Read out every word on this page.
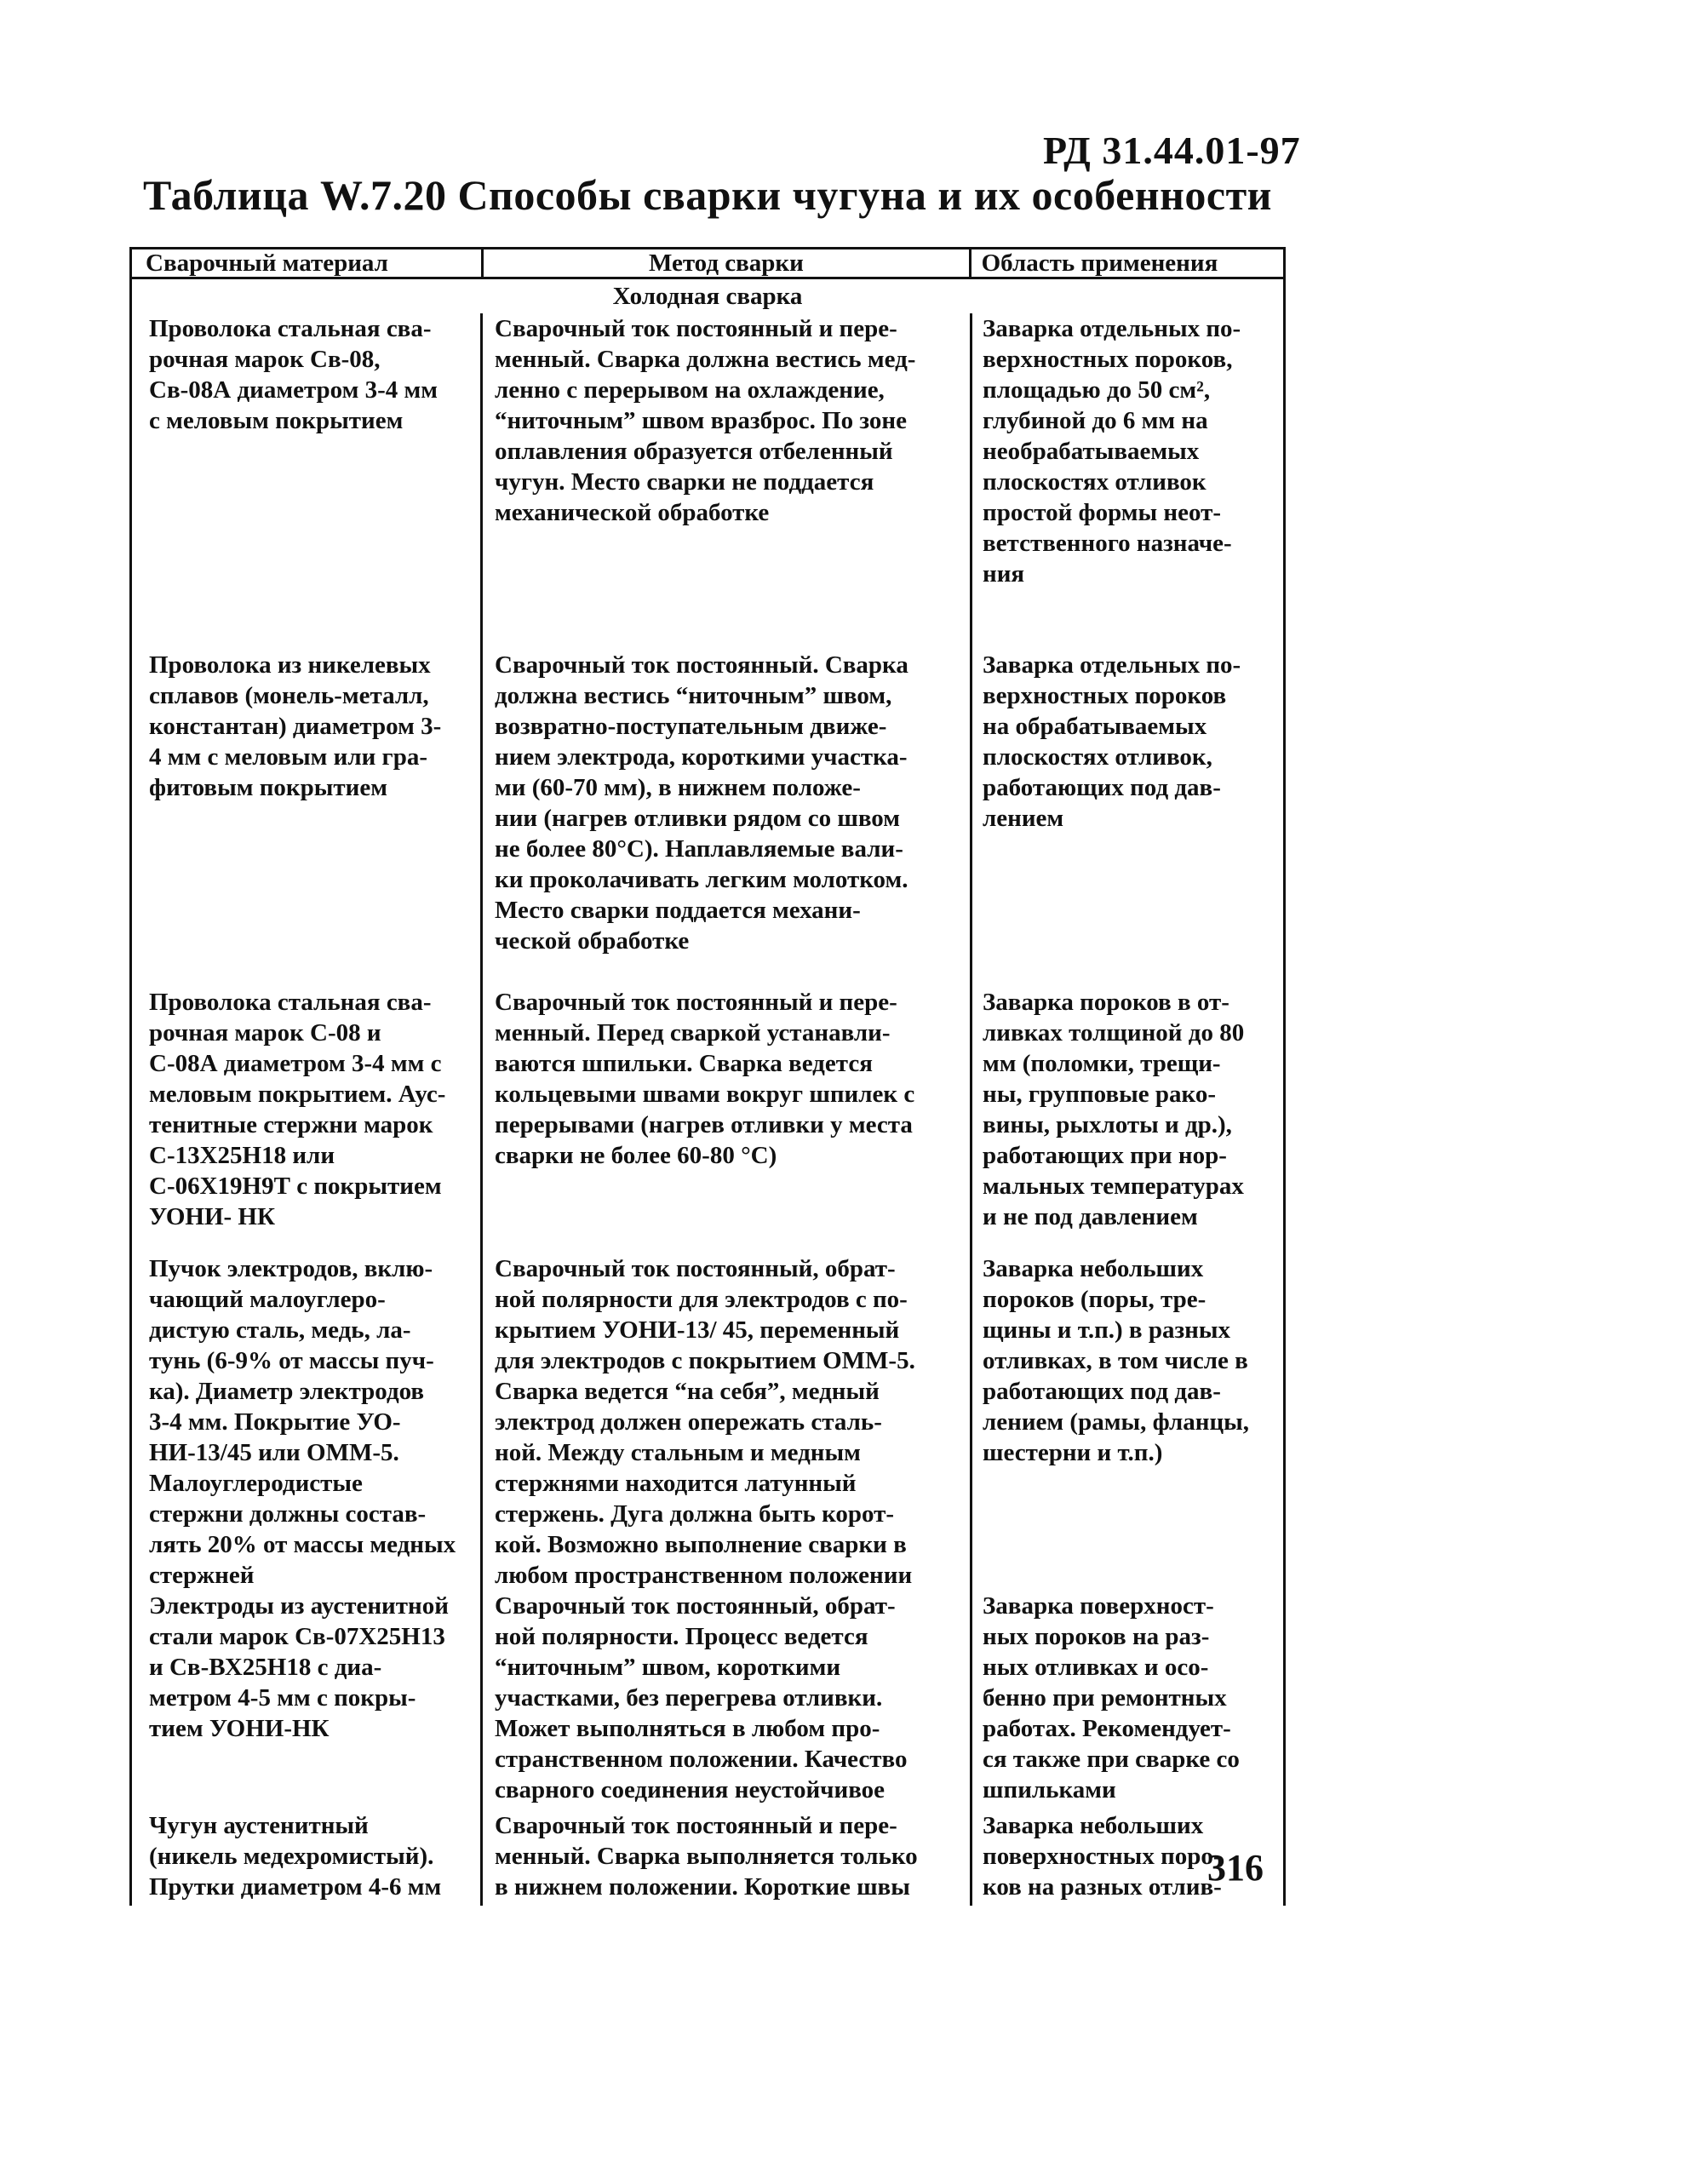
РД 31.44.01-97
Таблица W.7.20 Способы сварки чугуна и их особенности
Сварочный материал	Метод сварки	Область применения
Холодная сварка
Проволока стальная сва-
рочная марок Св-08,
Св-08А диаметром 3-4 мм
с меловым покрытием
Сварочный ток постоянный и пере-
менный. Сварка должна вестись мед-
ленно с перерывом на охлаждение,
“ниточным” швом вразброс. По зоне
оплавления образуется отбеленный
чугун. Место сварки не поддается
механической обработке
Заварка отдельных по-
верхностных пороков,
площадью до 50 см²,
глубиной до 6 мм на
необрабатываемых
плоскостях отливок
простой формы неот-
ветственного назначе-
ния
Проволока из никелевых
сплавов (монель-металл,
константан) диаметром 3-
4 мм с меловым или гра-
фитовым покрытием
Сварочный ток постоянный. Сварка
должна вестись “ниточным” швом,
возвратно-поступательным движе-
нием электрода, короткими участка-
ми (60-70 мм), в нижнем положе-
нии (нагрев отливки рядом со швом
не более 80°С). Наплавляемые вали-
ки проколачивать легким молотком.
Место сварки поддается механи-
ческой обработке
Заварка отдельных по-
верхностных пороков
на обрабатываемых
плоскостях отливок,
работающих под дав-
лением
Проволока стальная сва-
рочная марок С-08 и
С-08А диаметром 3-4 мм с
меловым покрытием. Аус-
тенитные стержни марок
С-13Х25Н18 или
С-06Х19Н9Т с покрытием
УОНИ- НК
Сварочный ток постоянный и пере-
менный. Перед сваркой устанавли-
ваются шпильки. Сварка ведется
кольцевыми швами вокруг шпилек с
перерывами (нагрев отливки у места
сварки не более 60-80 °С)
Заварка пороков в от-
ливках толщиной до 80
мм (поломки, трещи-
ны, групповые рако-
вины, рыхлоты и др.),
работающих при нор-
мальных температурах
и не под давлением
Пучок электродов, вклю-
чающий малоуглеро-
дистую сталь, медь, ла-
тунь (6-9% от массы пуч-
ка). Диаметр электродов
3-4 мм. Покрытие УО-
НИ-13/45 или ОММ-5.
Малоуглеродистые
стержни должны состав-
лять 20% от массы медных
стержней
Сварочный ток постоянный, обрат-
ной полярности для электродов с по-
крытием УОНИ-13/ 45, переменный
для электродов с покрытием ОММ-5.
Сварка ведется “на себя”, медный
электрод должен опережать сталь-
ной. Между стальным и медным
стержнями находится латунный
стержень. Дуга должна быть корот-
кой. Возможно выполнение сварки в
любом пространственном положении
Заварка небольших
пороков (поры, тре-
щины и т.п.) в разных
отливках, в том числе в
работающих под дав-
лением (рамы, фланцы,
шестерни и т.п.)
Электроды из аустенитной
стали марок Св-07Х25Н13
и Св-ВХ25Н18 с диа-
метром 4-5 мм с покры-
тием УОНИ-НК
Сварочный ток постоянный, обрат-
ной полярности. Процесс ведется
“ниточным” швом, короткими
участками, без перегрева отливки.
Может выполняться в любом про-
странственном положении. Качество
сварного соединения неустойчивое
Заварка поверхност-
ных пороков на раз-
ных отливках и осо-
бенно при ремонтных
работах. Рекомендует-
ся также при сварке со
шпильками
Чугун аустенитный
(никель медехромистый).
Прутки диаметром 4-6 мм
Сварочный ток постоянный и пере-
менный. Сварка выполняется только
в нижнем положении. Короткие швы
Заварка небольших
поверхностных поро-
ков на разных отлив-
316
